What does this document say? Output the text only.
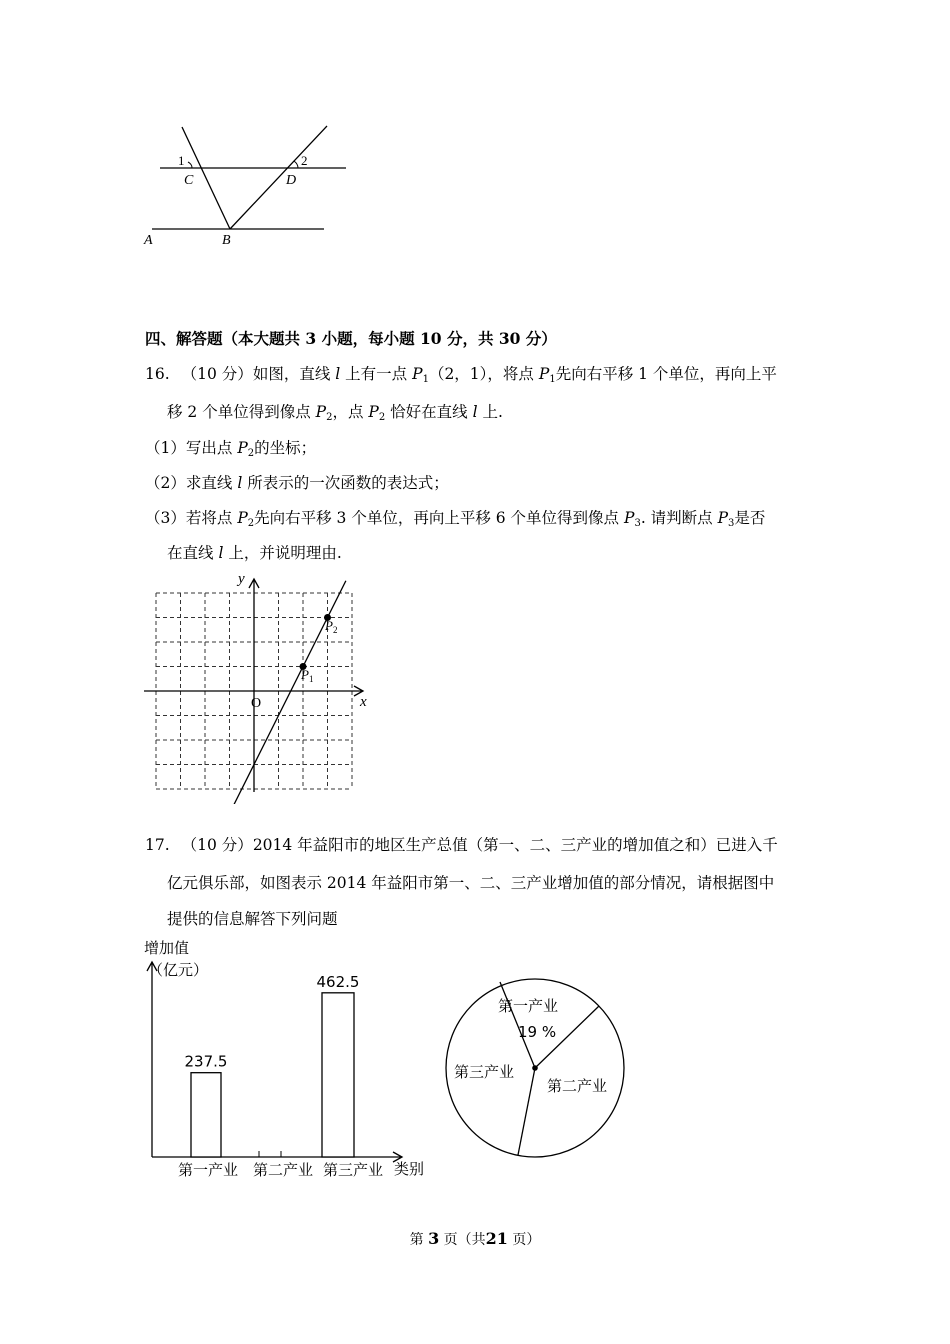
1	2
C	D
A	B
四、解答题（本大题共 3 小题，每小题 10 分，共 30 分）
16. （10 分）如图，直线 l 上有一点 $P_1(2$，1），将点 $P_1$先向右平移 1 个单位，再向上平
移 2 个单位得到像点 $P_2$，点 $P_2$ 恰好在直线 l 上.
（1）写出点 $P_2$的坐标；
（2）求直线 l 所表示的一次函数的表达式；
（3）若将点 $P_2$先向右平移 3 个单位，再向上平移 6 个单位得到像点 $P_3$. 请判断点 $P_3$是否
在直线 l 上，并说明理由.
x
y
O
$P_1$
$P_2$
17. （10 分）2014 年益阳市的地区生产总值（第一、二、三产业的增加值之和）已进入千
亿元俱乐部，如图表示 2014 年益阳市第一、二、三产业增加值的部分情况，请根据图中
提供的信息解答下列问题
增加值
（亿元）
237.5
462.5
第一产业 第二产业 第三产业 类别
第一产业
19 %
第二产业
第三产业
第 3 页（共21 页）
